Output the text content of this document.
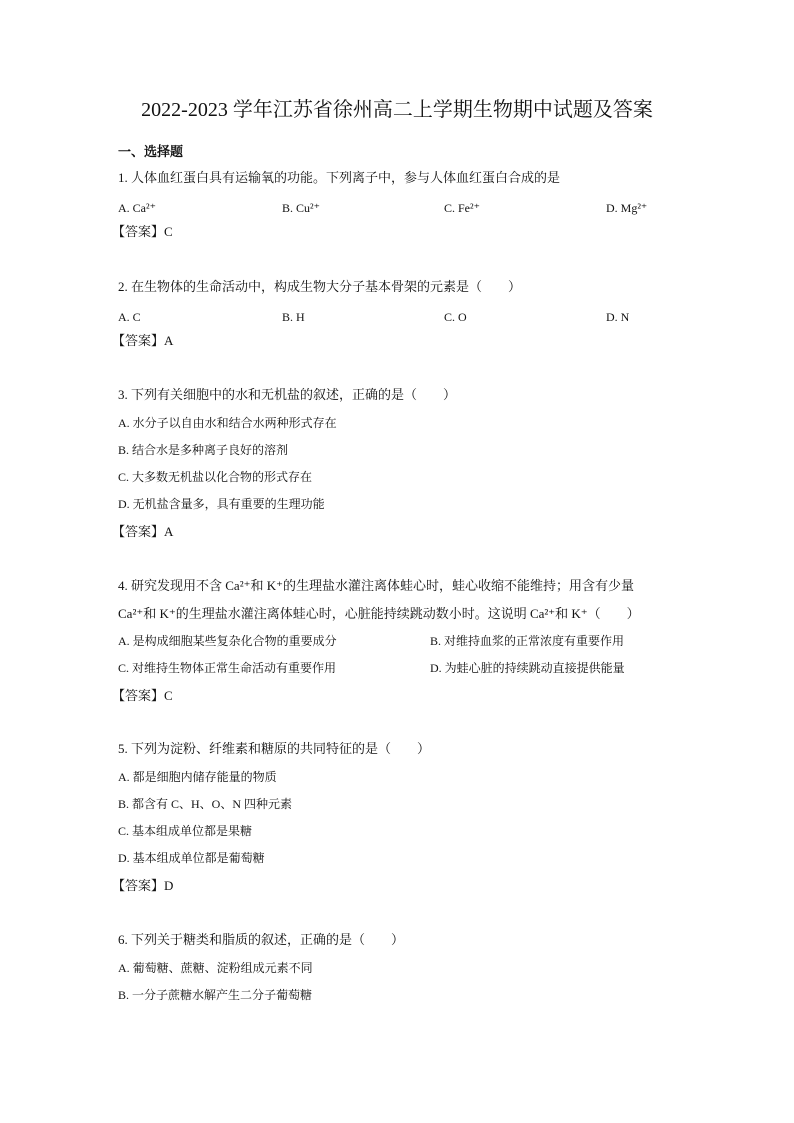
2022-2023 学年江苏省徐州高二上学期生物期中试题及答案
一、选择题
1. 人体血红蛋白具有运输氧的功能。下列离子中，参与人体血红蛋白合成的是
A. Ca²⁺	B. Cu²⁺	C. Fe²⁺	D. Mg²⁺
【答案】C
2. 在生物体的生命活动中，构成生物大分子基本骨架的元素是（　　）
A. C	B. H	C. O	D. N
【答案】A
3. 下列有关细胞中的水和无机盐的叙述，正确的是（　　）
A. 水分子以自由水和结合水两种形式存在
B. 结合水是多种离子良好的溶剂
C. 大多数无机盐以化合物的形式存在
D. 无机盐含量多，具有重要的生理功能
【答案】A
4. 研究发现用不含 Ca²⁺和 K⁺的生理盐水灌注离体蛙心时，蛙心收缩不能维持；用含有少量
Ca²⁺和 K⁺的生理盐水灌注离体蛙心时，心脏能持续跳动数小时。这说明 Ca²⁺和 K⁺（　　）
A. 是构成细胞某些复杂化合物的重要成分	B. 对维持血浆的正常浓度有重要作用
C. 对维持生物体正常生命活动有重要作用	D. 为蛙心脏的持续跳动直接提供能量
【答案】C
5. 下列为淀粉、纤维素和糖原的共同特征的是（　　）
A. 都是细胞内储存能量的物质
B. 都含有 C、H、O、N 四种元素
C. 基本组成单位都是果糖
D. 基本组成单位都是葡萄糖
【答案】D
6. 下列关于糖类和脂质的叙述，正确的是（　　）
A. 葡萄糖、蔗糖、淀粉组成元素不同
B. 一分子蔗糖水解产生二分子葡萄糖
